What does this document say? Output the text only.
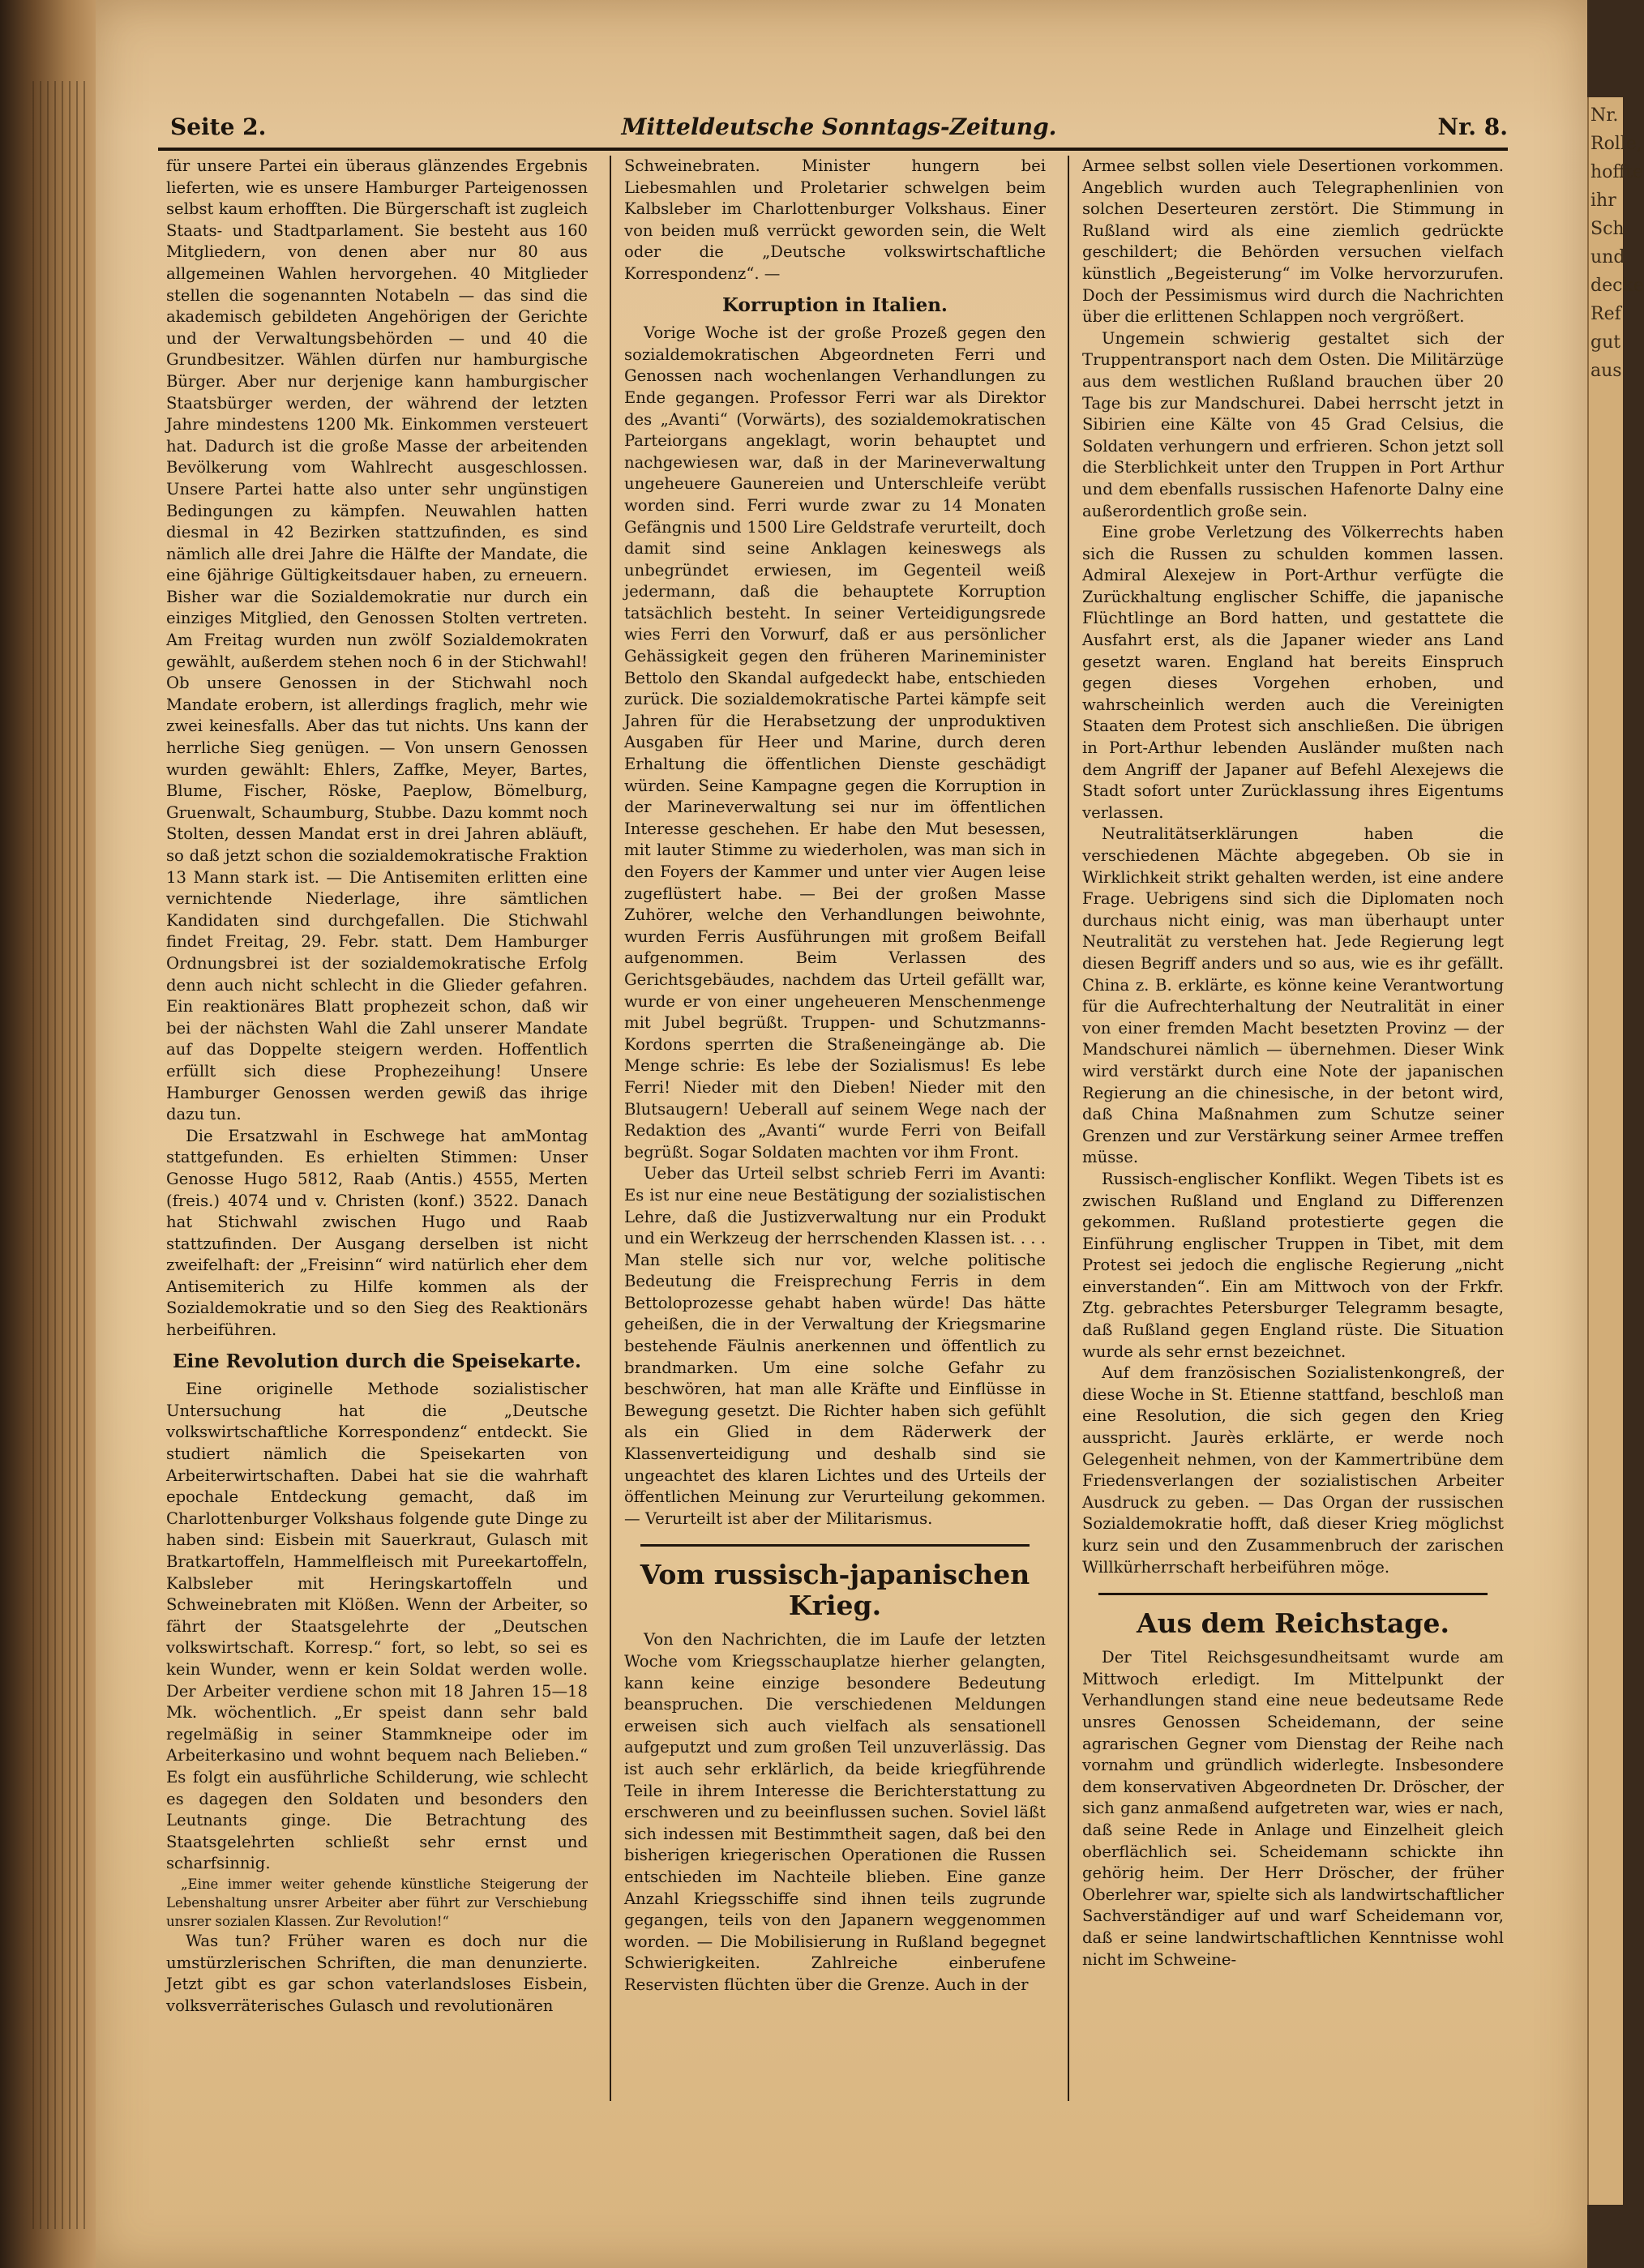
Nr.
Rolle,
hoffte
ihr
Sch
und
decke
Ref
gut
aus
Mitteldeutsche Sonntags-Zeitung.
Seite 2.	Nr. 8.

für unsere Partei ein überaus glänzendes Ergebnis lieferten, wie es unsere Hamburger Parteigenossen selbst kaum erhofften. Die Bürgerschaft ist zugleich Staats- und Stadtparlament. Sie besteht aus 160 Mitgliedern, von denen aber nur 80 aus allgemeinen Wahlen hervorgehen. 40 Mitglieder stellen die sogenannten Notabeln — das sind die akademisch gebildeten Angehörigen der Gerichte und der Verwaltungsbehörden — und 40 die Grundbesitzer. Wählen dürfen nur hamburgische Bürger. Aber nur derjenige kann hamburgischer Staatsbürger werden, der während der letzten Jahre mindestens 1200 Mk. Einkommen versteuert hat. Dadurch ist die große Masse der arbeitenden Bevölkerung vom Wahlrecht ausgeschlossen. Unsere Partei hatte also unter sehr ungünstigen Bedingungen zu kämpfen. Neuwahlen hatten diesmal in 42 Bezirken stattzufinden, es sind nämlich alle drei Jahre die Hälfte der Mandate, die eine 6jährige Gültigkeitsdauer haben, zu erneuern. Bisher war die Sozialdemokratie nur durch ein einziges Mitglied, den Genossen Stolten vertreten. Am Freitag wurden nun zwölf Sozialdemokraten gewählt, außerdem stehen noch 6 in der Stichwahl! Ob unsere Genossen in der Stichwahl noch Mandate erobern, ist allerdings fraglich, mehr wie zwei keinesfalls. Aber das tut nichts. Uns kann der herrliche Sieg genügen. — Von unsern Genossen wurden gewählt: Ehlers, Zaffke, Meyer, Bartes, Blume, Fischer, Röske, Paeplow, Bömelburg, Gruenwalt, Schaumburg, Stubbe. Dazu kommt noch Stolten, dessen Mandat erst in drei Jahren abläuft, so daß jetzt schon die sozialdemokratische Fraktion 13 Mann stark ist. — Die Antisemiten erlitten eine vernichtende Niederlage, ihre sämtlichen Kandidaten sind durchgefallen. Die Stichwahl findet Freitag, 29. Febr. statt. Dem Hamburger Ordnungsbrei ist der sozialdemokratische Erfolg denn auch nicht schlecht in die Glieder gefahren. Ein reaktionäres Blatt prophezeit schon, daß wir bei der nächsten Wahl die Zahl unserer Mandate auf das Doppelte steigern werden. Hoffentlich erfüllt sich diese Prophezeihung! Unsere Hamburger Genossen werden gewiß das ihrige dazu tun.

Die Ersatzwahl in Eschwege hat amMontag stattgefunden. Es erhielten Stimmen: Unser Genosse Hugo 5812, Raab (Antis.) 4555, Merten (freis.) 4074 und v. Christen (konf.) 3522. Danach hat Stichwahl zwischen Hugo und Raab stattzufinden. Der Ausgang derselben ist nicht zweifelhaft: der „Freisinn“ wird natürlich eher dem Antisemiterich zu Hilfe kommen als der Sozialdemokratie und so den Sieg des Reaktionärs herbeiführen.

Eine Revolution durch die Speisekarte.

Eine originelle Methode sozialistischer Untersuchung hat die „Deutsche volkswirtschaftliche Korrespondenz“ entdeckt. Sie studiert nämlich die Speisekarten von Arbeiterwirtschaften. Dabei hat sie die wahrhaft epochale Entdeckung gemacht, daß im Charlottenburger Volkshaus folgende gute Dinge zu haben sind: Eisbein mit Sauerkraut, Gulasch mit Bratkartoffeln, Hammelfleisch mit Pureekartoffeln, Kalbsleber mit Heringskartoffeln und Schweinebraten mit Klößen. Wenn der Arbeiter, so fährt der Staatsgelehrte der „Deutschen volkswirtschaft. Korresp.“ fort, so lebt, so sei es kein Wunder, wenn er kein Soldat werden wolle. Der Arbeiter verdiene schon mit 18 Jahren 15—18 Mk. wöchentlich. „Er speist dann sehr bald regelmäßig in seiner Stammkneipe oder im Arbeiterkasino und wohnt bequem nach Belieben.“ Es folgt ein ausführliche Schilderung, wie schlecht es dagegen den Soldaten und besonders den Leutnants ginge. Die Betrachtung des Staatsgelehrten schließt sehr ernst und scharfsinnig.

„Eine immer weiter gehende künstliche Steigerung der Lebenshaltung unsrer Arbeiter aber führt zur Verschiebung unsrer sozialen Klassen. Zur Revolution!“

Was tun? Früher waren es doch nur die umstürzlerischen Schriften, die man denunzierte. Jetzt gibt es gar schon vaterlandsloses Eisbein, volksverräterisches Gulasch und revolutionären

Schweinebraten. Minister hungern bei Liebesmahlen und Proletarier schwelgen beim Kalbsleber im Charlottenburger Volkshaus. Einer von beiden muß verrückt geworden sein, die Welt oder die „Deutsche volkswirtschaftliche Korrespondenz“. —

Korruption in Italien.

Vorige Woche ist der große Prozeß gegen den sozialdemokratischen Abgeordneten Ferri und Genossen nach wochenlangen Verhandlungen zu Ende gegangen. Professor Ferri war als Direktor des „Avanti“ (Vorwärts), des sozialdemokratischen Parteiorgans angeklagt, worin behauptet und nachgewiesen war, daß in der Marineverwaltung ungeheuere Gaunereien und Unterschleife verübt worden sind. Ferri wurde zwar zu 14 Monaten Gefängnis und 1500 Lire Geldstrafe verurteilt, doch damit sind seine Anklagen keineswegs als unbegründet erwiesen, im Gegenteil weiß jedermann, daß die behauptete Korruption tatsächlich besteht. In seiner Verteidigungsrede wies Ferri den Vorwurf, daß er aus persönlicher Gehässigkeit gegen den früheren Marineminister Bettolo den Skandal aufgedeckt habe, entschieden zurück. Die sozialdemokratische Partei kämpfe seit Jahren für die Herabsetzung der unproduktiven Ausgaben für Heer und Marine, durch deren Erhaltung die öffentlichen Dienste geschädigt würden. Seine Kampagne gegen die Korruption in der Marineverwaltung sei nur im öffentlichen Interesse geschehen. Er habe den Mut besessen, mit lauter Stimme zu wiederholen, was man sich in den Foyers der Kammer und unter vier Augen leise zugeflüstert habe. — Bei der großen Masse Zuhörer, welche den Verhandlungen beiwohnte, wurden Ferris Ausführungen mit großem Beifall aufgenommen. Beim Verlassen des Gerichtsgebäudes, nachdem das Urteil gefällt war, wurde er von einer ungeheueren Menschenmenge mit Jubel begrüßt. Truppen- und Schutzmanns-Kordons sperrten die Straßeneingänge ab. Die Menge schrie: Es lebe der Sozialismus! Es lebe Ferri! Nieder mit den Dieben! Nieder mit den Blutsaugern! Ueberall auf seinem Wege nach der Redaktion des „Avanti“ wurde Ferri von Beifall begrüßt. Sogar Soldaten machten vor ihm Front.

Ueber das Urteil selbst schrieb Ferri im Avanti: Es ist nur eine neue Bestätigung der sozialistischen Lehre, daß die Justizverwaltung nur ein Produkt und ein Werkzeug der herrschenden Klassen ist. . . . Man stelle sich nur vor, welche politische Bedeutung die Freisprechung Ferris in dem Bettoloprozesse gehabt haben würde! Das hätte geheißen, die in der Verwaltung der Kriegsmarine bestehende Fäulnis anerkennen und öffentlich zu brandmarken. Um eine solche Gefahr zu beschwören, hat man alle Kräfte und Einflüsse in Bewegung gesetzt. Die Richter haben sich gefühlt als ein Glied in dem Räderwerk der Klassenverteidigung und deshalb sind sie ungeachtet des klaren Lichtes und des Urteils der öffentlichen Meinung zur Verurteilung gekommen. — Verurteilt ist aber der Militarismus.

Vom russisch-japanischen Krieg.

Von den Nachrichten, die im Laufe der letzten Woche vom Kriegsschauplatze hierher gelangten, kann keine einzige besondere Bedeutung beanspruchen. Die verschiedenen Meldungen erweisen sich auch vielfach als sensationell aufgeputzt und zum großen Teil unzuverlässig. Das ist auch sehr erklärlich, da beide kriegführende Teile in ihrem Interesse die Berichterstattung zu erschweren und zu beeinflussen suchen. Soviel läßt sich indessen mit Bestimmtheit sagen, daß bei den bisherigen kriegerischen Operationen die Russen entschieden im Nachteile blieben. Eine ganze Anzahl Kriegsschiffe sind ihnen teils zugrunde gegangen, teils von den Japanern weggenommen worden. — Die Mobilisierung in Rußland begegnet Schwierigkeiten. Zahlreiche einberufene Reservisten flüchten über die Grenze. Auch in der

Armee selbst sollen viele Desertionen vorkommen. Angeblich wurden auch Telegraphenlinien von solchen Deserteuren zerstört. Die Stimmung in Rußland wird als eine ziemlich gedrückte geschildert; die Behörden versuchen vielfach künstlich „Begeisterung“ im Volke hervorzurufen. Doch der Pessimismus wird durch die Nachrichten über die erlittenen Schlappen noch vergrößert.

Ungemein schwierig gestaltet sich der Truppentransport nach dem Osten. Die Militärzüge aus dem westlichen Rußland brauchen über 20 Tage bis zur Mandschurei. Dabei herrscht jetzt in Sibirien eine Kälte von 45 Grad Celsius, die Soldaten verhungern und erfrieren. Schon jetzt soll die Sterblichkeit unter den Truppen in Port Arthur und dem ebenfalls russischen Hafenorte Dalny eine außerordentlich große sein.

Eine grobe Verletzung des Völkerrechts haben sich die Russen zu schulden kommen lassen. Admiral Alexejew in Port-Arthur verfügte die Zurückhaltung englischer Schiffe, die japanische Flüchtlinge an Bord hatten, und gestattete die Ausfahrt erst, als die Japaner wieder ans Land gesetzt waren. England hat bereits Einspruch gegen dieses Vorgehen erhoben, und wahrscheinlich werden auch die Vereinigten Staaten dem Protest sich anschließen. Die übrigen in Port-Arthur lebenden Ausländer mußten nach dem Angriff der Japaner auf Befehl Alexejews die Stadt sofort unter Zurücklassung ihres Eigentums verlassen.

Neutralitätserklärungen haben die verschiedenen Mächte abgegeben. Ob sie in Wirklichkeit strikt gehalten werden, ist eine andere Frage. Uebrigens sind sich die Diplomaten noch durchaus nicht einig, was man überhaupt unter Neutralität zu verstehen hat. Jede Regierung legt diesen Begriff anders und so aus, wie es ihr gefällt. China z. B. erklärte, es könne keine Verantwortung für die Aufrechterhaltung der Neutralität in einer von einer fremden Macht besetzten Provinz — der Mandschurei nämlich — übernehmen. Dieser Wink wird verstärkt durch eine Note der japanischen Regierung an die chinesische, in der betont wird, daß China Maßnahmen zum Schutze seiner Grenzen und zur Verstärkung seiner Armee treffen müsse.

Russisch-englischer Konflikt. Wegen Tibets ist es zwischen Rußland und England zu Differenzen gekommen. Rußland protestierte gegen die Einführung englischer Truppen in Tibet, mit dem Protest sei jedoch die englische Regierung „nicht einverstanden“. Ein am Mittwoch von der Frkfr. Ztg. gebrachtes Petersburger Telegramm besagte, daß Rußland gegen England rüste. Die Situation wurde als sehr ernst bezeichnet.

Auf dem französischen Sozialistenkongreß, der diese Woche in St. Etienne stattfand, beschloß man eine Resolution, die sich gegen den Krieg ausspricht. Jaurès erklärte, er werde noch Gelegenheit nehmen, von der Kammertribüne dem Friedensverlangen der sozialistischen Arbeiter Ausdruck zu geben. — Das Organ der russischen Sozialdemokratie hofft, daß dieser Krieg möglichst kurz sein und den Zusammenbruch der zarischen Willkürherrschaft herbeiführen möge.

Aus dem Reichstage.

Der Titel Reichsgesundheitsamt wurde am Mittwoch erledigt. Im Mittelpunkt der Verhandlungen stand eine neue bedeutsame Rede unsres Genossen Scheidemann, der seine agrarischen Gegner vom Dienstag der Reihe nach vornahm und gründlich widerlegte. Insbesondere dem konservativen Abgeordneten Dr. Dröscher, der sich ganz anmaßend aufgetreten war, wies er nach, daß seine Rede in Anlage und Einzelheit gleich oberflächlich sei. Scheidemann schickte ihn gehörig heim. Der Herr Dröscher, der früher Oberlehrer war, spielte sich als landwirtschaftlicher Sachverständiger auf und warf Scheidemann vor, daß er seine landwirtschaftlichen Kenntnisse wohl nicht im Schweine-
